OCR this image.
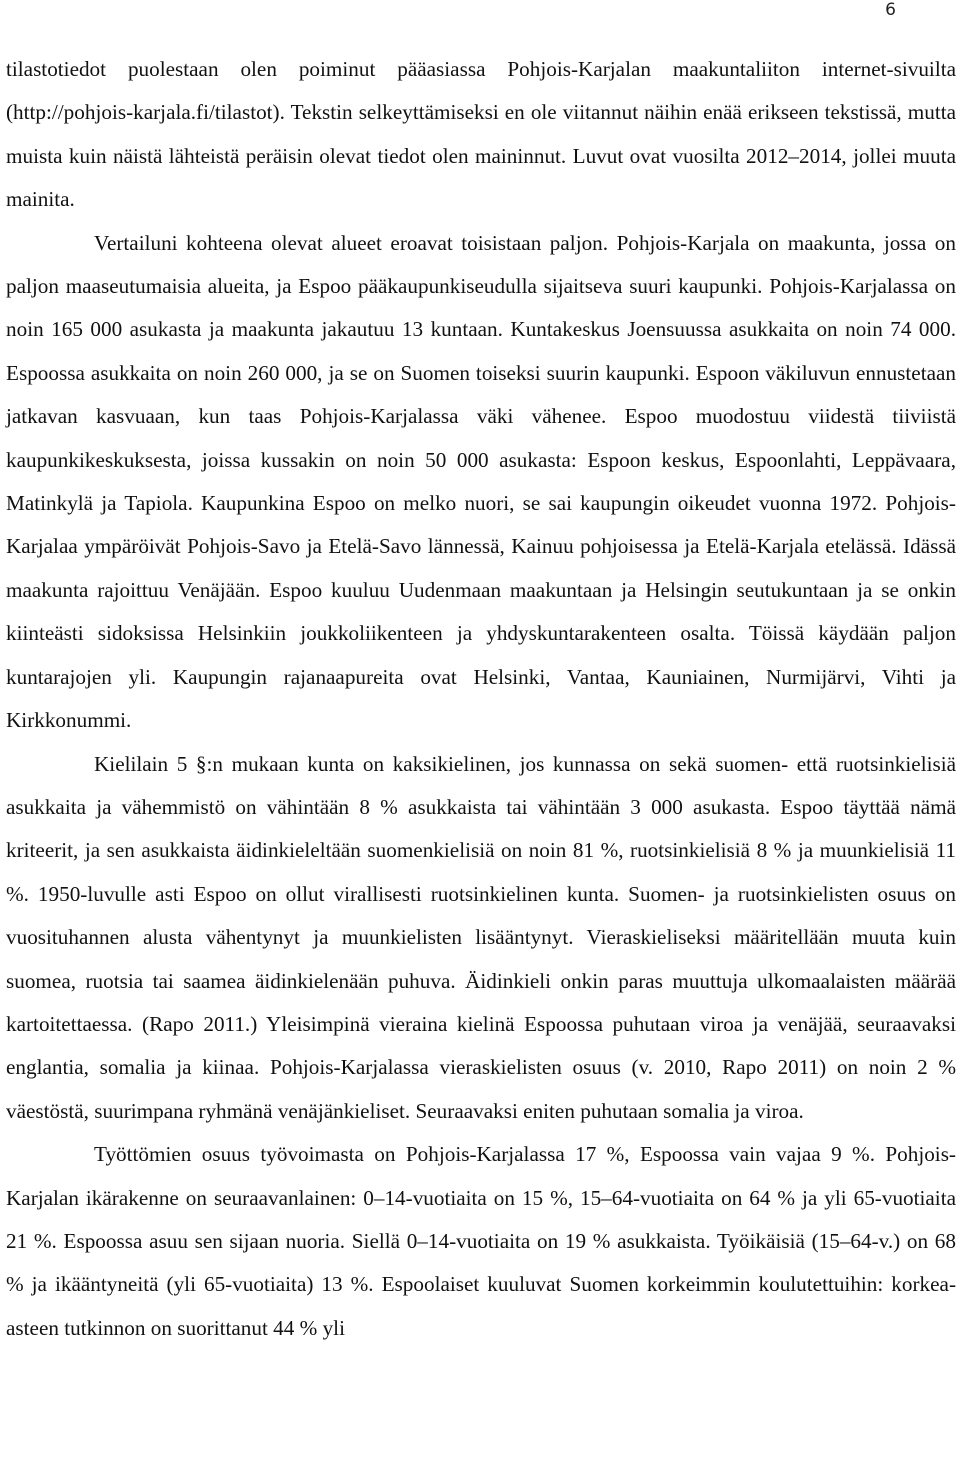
6

tilastotiedot puolestaan olen poiminut pääasiassa Pohjois-Karjalan maakuntaliiton internet-sivuilta (http://pohjois-karjala.fi/tilastot). Tekstin selkeyttämiseksi en ole viitannut näihin enää erikseen tekstissä, mutta muista kuin näistä lähteistä peräisin olevat tiedot olen maininnut. Luvut ovat vuosilta 2012–2014, jollei muuta mainita.

Vertailuni kohteena olevat alueet eroavat toisistaan paljon. Pohjois-Karjala on maakunta, jossa on paljon maaseutumaisia alueita, ja Espoo pääkaupunkiseudulla sijaitseva suuri kaupunki. Pohjois-Karjalassa on noin 165 000 asukasta ja maakunta jakautuu 13 kuntaan. Kuntakeskus Joensuussa asukkaita on noin 74 000. Espoossa asukkaita on noin 260 000, ja se on Suomen toiseksi suurin kaupunki. Espoon väkiluvun ennustetaan jatkavan kasvuaan, kun taas Pohjois-Karjalassa väki vähenee. Espoo muodostuu viidestä tiiviistä kaupunkikeskuksesta, joissa kussakin on noin 50 000 asukasta: Espoon keskus, Espoonlahti, Leppävaara, Matinkylä ja Tapiola. Kaupunkina Espoo on melko nuori, se sai kaupungin oikeudet vuonna 1972. Pohjois-Karjalaa ympäröivät Pohjois-Savo ja Etelä-Savo lännessä, Kainuu pohjoisessa ja Etelä-Karjala etelässä. Idässä maakunta rajoittuu Venäjään. Espoo kuuluu Uudenmaan maakuntaan ja Helsingin seutukuntaan ja se onkin kiinteästi sidoksissa Helsinkiin joukkoliikenteen ja yhdyskuntarakenteen osalta. Töissä käydään paljon kuntarajojen yli. Kaupungin rajanaapureita ovat Helsinki, Vantaa, Kauniainen, Nurmijärvi, Vihti ja Kirkkonummi.

Kielilain 5 §:n mukaan kunta on kaksikielinen, jos kunnassa on sekä suomen- että ruotsinkielisiä asukkaita ja vähemmistö on vähintään 8 % asukkaista tai vähintään 3 000 asukasta. Espoo täyttää nämä kriteerit, ja sen asukkaista äidinkieleltään suomenkielisiä on noin 81 %, ruotsinkielisiä 8 % ja muunkielisiä 11 %. 1950-luvulle asti Espoo on ollut virallisesti ruotsinkielinen kunta. Suomen- ja ruotsinkielisten osuus on vuosituhannen alusta vähentynyt ja muunkielisten lisääntynyt. Vieraskieliseksi määritellään muuta kuin suomea, ruotsia tai saamea äidinkielenään puhuva. Äidinkieli onkin paras muuttuja ulkomaalaisten määrää kartoitettaessa. (Rapo 2011.) Yleisimpinä vieraina kielinä Espoossa puhutaan viroa ja venäjää, seuraavaksi englantia, somalia ja kiinaa. Pohjois-Karjalassa vieraskielisten osuus (v. 2010, Rapo 2011) on noin 2 % väestöstä, suurimpana ryhmänä venäjänkieliset. Seuraavaksi eniten puhutaan somalia ja viroa.

Työttömien osuus työvoimasta on Pohjois-Karjalassa 17 %, Espoossa vain vajaa 9 %. Pohjois-Karjalan ikärakenne on seuraavanlainen: 0–14-vuotiaita on 15 %, 15–64-vuotiaita on 64 % ja yli 65-vuotiaita 21 %. Espoossa asuu sen sijaan nuoria. Siellä 0–14-vuotiaita on 19 % asukkaista. Työikäisiä (15–64-v.) on 68 % ja ikääntyneitä (yli 65-vuotiaita) 13 %. Espoolaiset kuuluvat Suomen korkeimmin koulutettuihin: korkea-asteen tutkinnon on suorittanut 44 % yli
